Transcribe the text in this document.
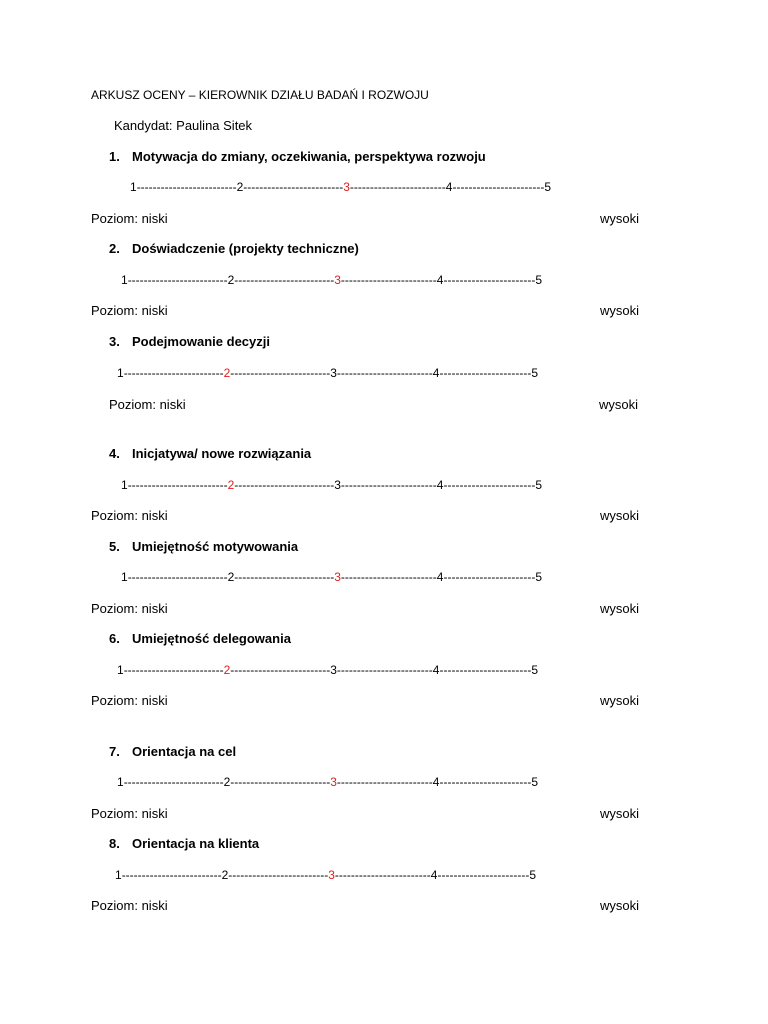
ARKUSZ OCENY – KIEROWNIK DZIAŁU BADAŃ I ROZWOJU
Kandydat: Paulina Sitek
1. Motywacja do zmiany, oczekiwania, perspektywa rozwoju
1-------------------------2-------------------------3------------------------4-----------------------5
Poziom: niski	wysoki
2. Doświadczenie (projekty techniczne)
1-------------------------2-------------------------3------------------------4-----------------------5
Poziom: niski	wysoki
3. Podejmowanie decyzji
1-------------------------2-------------------------3------------------------4-----------------------5
Poziom: niski	wysoki
4. Inicjatywa/ nowe rozwiązania
1-------------------------2-------------------------3------------------------4-----------------------5
Poziom: niski	wysoki
5. Umiejętność motywowania
1-------------------------2-------------------------3------------------------4-----------------------5
Poziom: niski	wysoki
6. Umiejętność delegowania
1-------------------------2-------------------------3------------------------4-----------------------5
Poziom: niski	wysoki
7. Orientacja na cel
1-------------------------2-------------------------3------------------------4-----------------------5
Poziom: niski	wysoki
8. Orientacja na klienta
1-------------------------2-------------------------3------------------------4-----------------------5
Poziom: niski	wysoki
